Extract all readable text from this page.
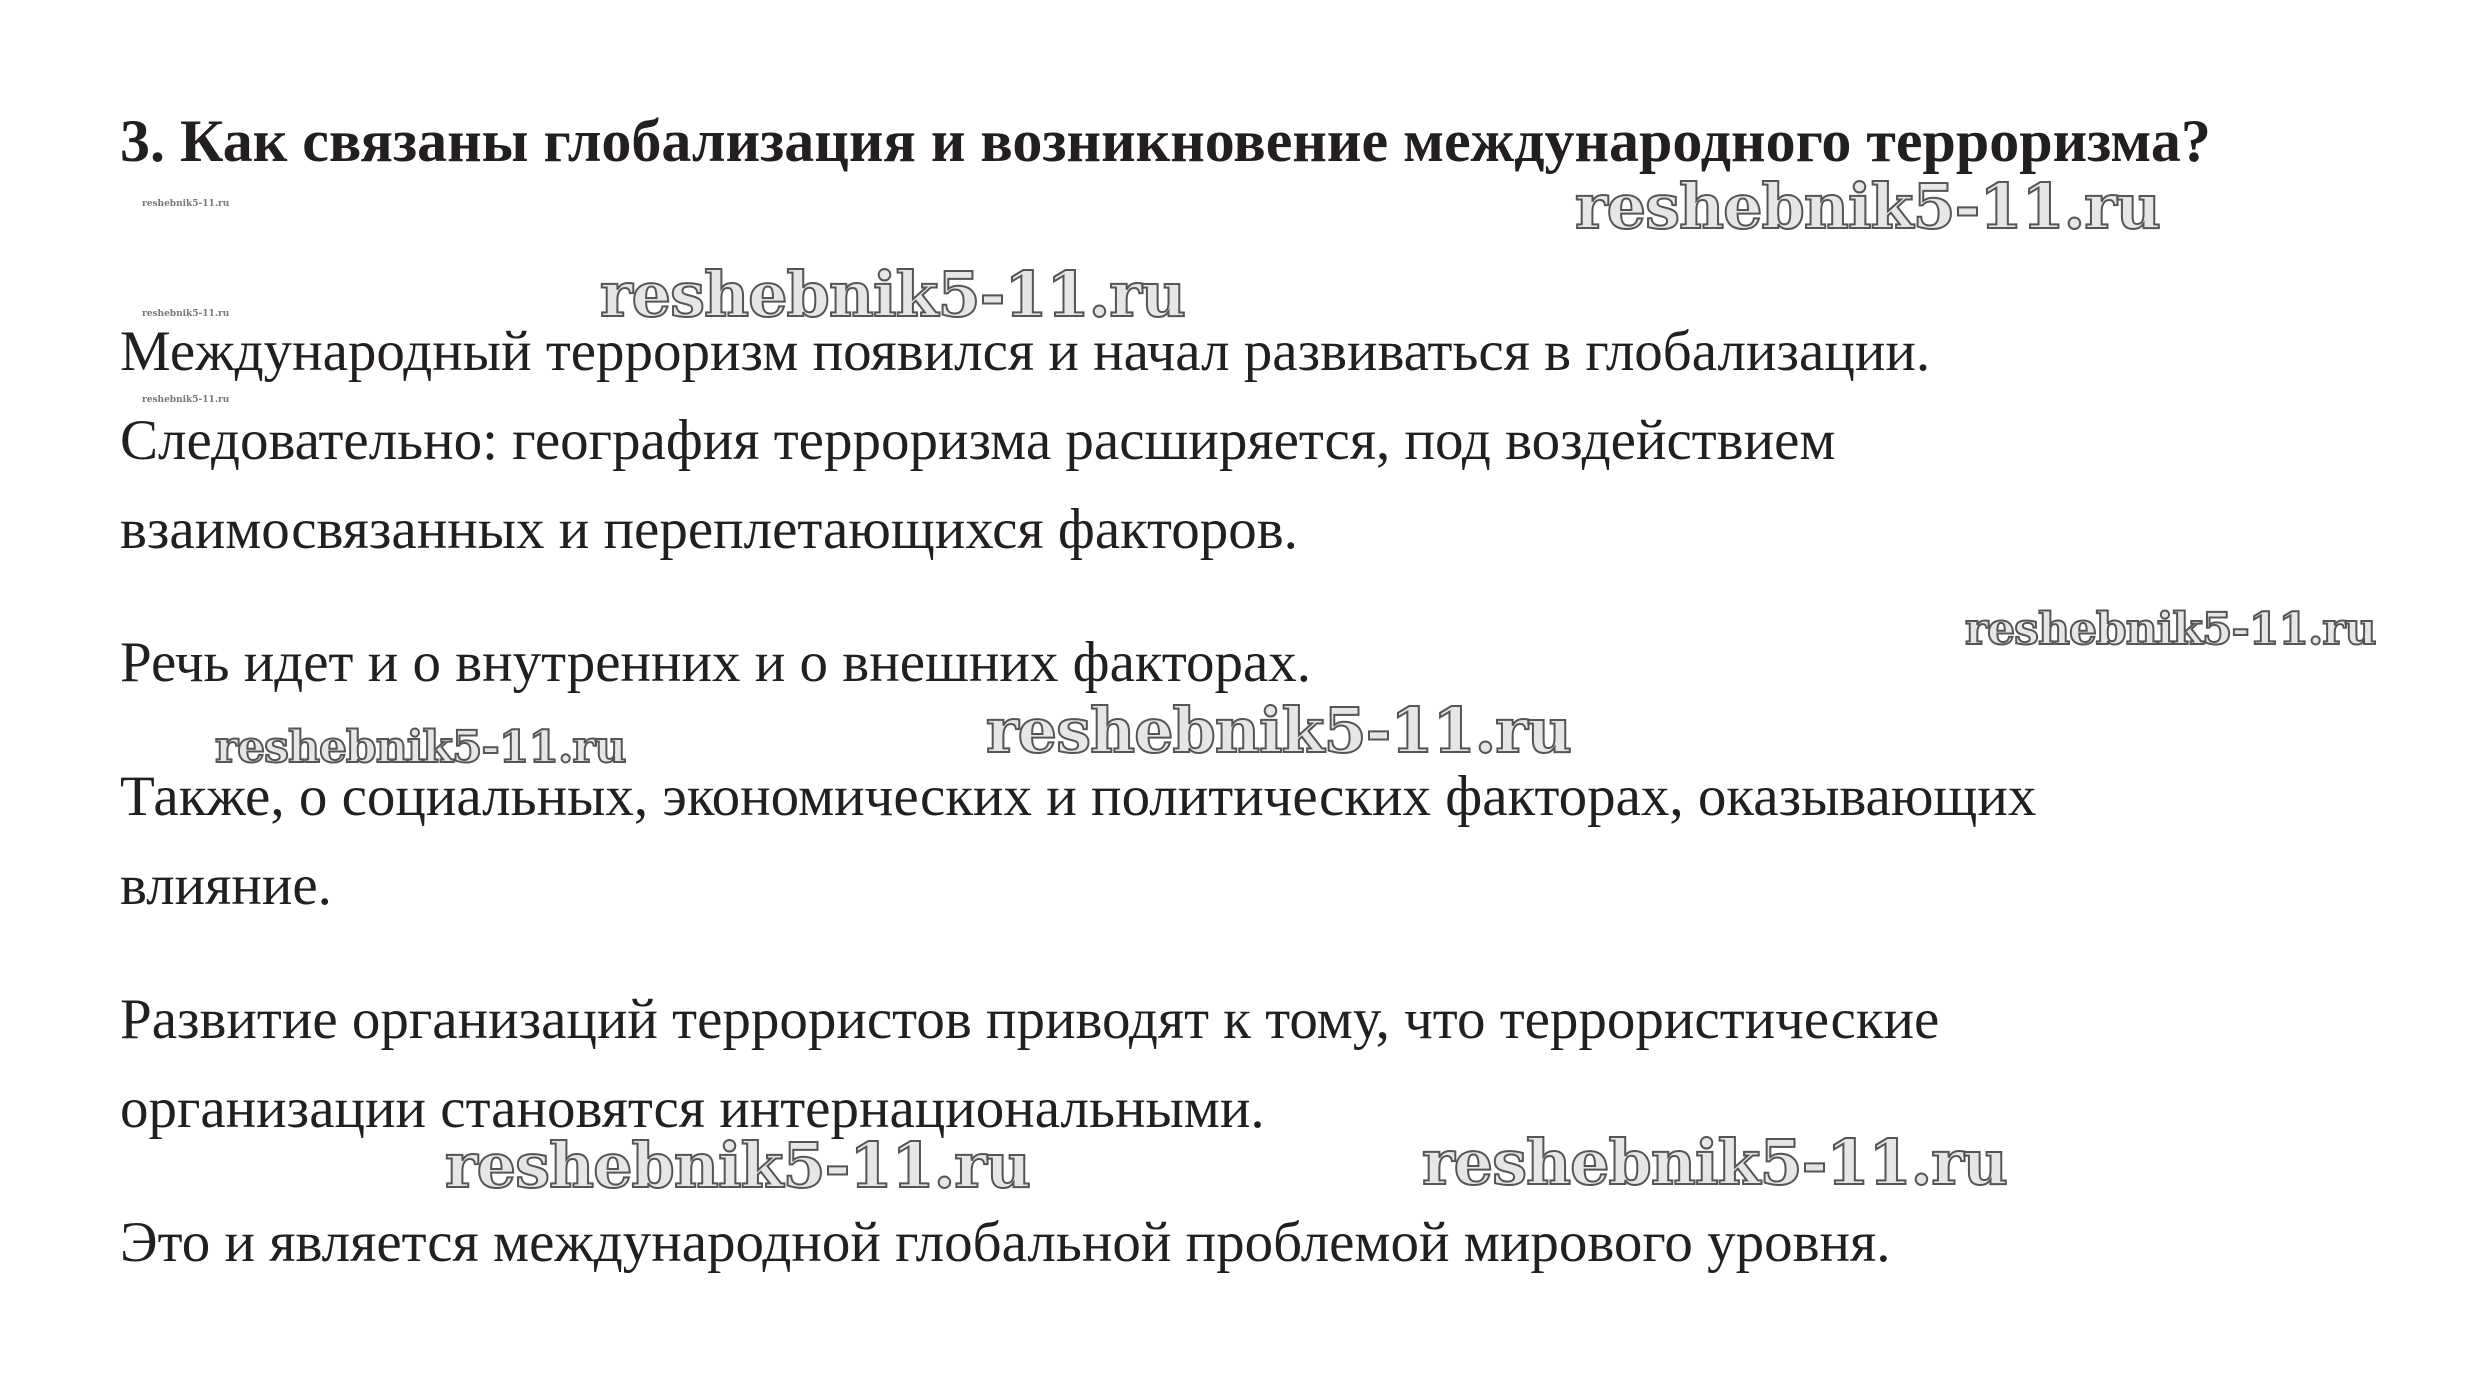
3. Как связаны глобализация и возникновение международного терроризма?
Международный терроризм появился и начал развиваться в глобализации.
Следовательно: география терроризма расширяется, под воздействием
взаимосвязанных и переплетающихся факторов.
Речь идет и о внутренних и о внешних факторах.
Также, о социальных, экономических и политических факторах, оказывающих
влияние.
Развитие организаций террористов приводят к тому, что террористические
организации становятся интернациональными.
Это и является международной глобальной проблемой мирового уровня.
reshebnik5-11.ru
reshebnik5-11.ru
reshebnik5-11.ru
reshebnik5-11.ru
reshebnik5-11.ru
reshebnik5-11.ru	reshebnik5-11.ru
reshebnik5-11.ru
reshebnik5-11.ru
reshebnik5-11.ru
